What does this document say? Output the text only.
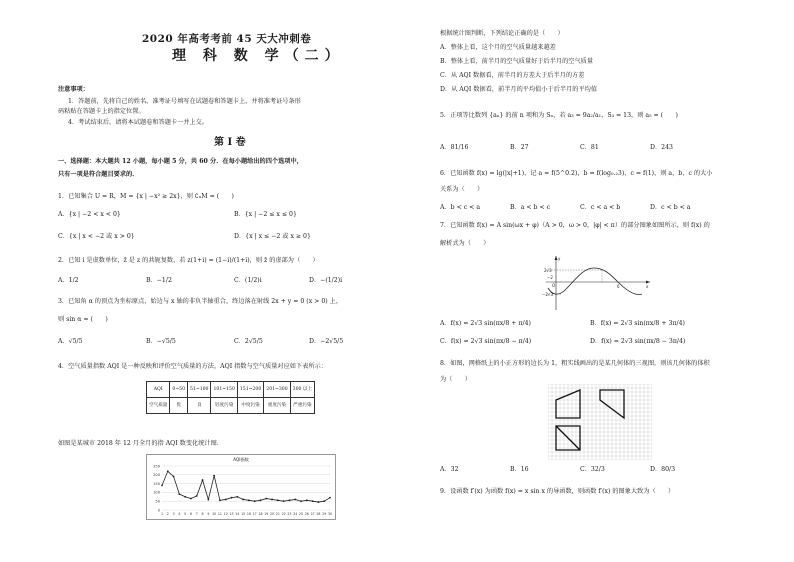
2020 年高考考前 45 天大冲刺卷
理 科 数 学（二）
注意事项：
1．答题前，先将自己的姓名、准考证号填写在试题卷和答题卡上，并将准考证号条形
码粘贴在答题卡上的指定位置。
4．考试结束后，请将本试题卷和答题卡一并上交。
第 Ⅰ 卷
一、选择题：本大题共 12 小题，每小题 5 分，共 60 分．在每小题给出的四个选项中，
只有一项是符合题目要求的．
1．已知集合 U = R，M = {x | −x² ≥ 2x}，则 ∁ᵤM = (　　)
A．{x | −2 < x < 0}	B．{x | −2 ≤ x ≤ 0}
C．{x | x < −2 或 x > 0}	D．{x | x ≤ −2 或 x ≥ 0}
2．已知 i 是虚数单位，z̄ 是 z 的共轭复数，若 z(1+i) = (1−i)/(1+i)，则 z̄ 的虚部为（　　）
A．1/2	B．−1/2	C．(1/2)i	D．−(1/2)i
3．已知角 α 的顶点为坐标原点，始边与 x 轴的非负半轴重合，终边落在射线 2x + y = 0 (x > 0) 上，
则 sin α = (　　)
A．√5/5	B．−√5/5	C．2√5/5	D．−2√5/5
4．空气质量指数 AQI 是一种反映和评价空气质量的方法，AQI 指数与空气质量对应如下表所示：
AQI	0~50	51~100	101~150	151~200	201~300	300 以上
空气质量	优	良	轻度污染	中度污染	重度污染	严重污染
如图是某城市 2018 年 12 月全月的指 AQI 数变化统计图．
AQI指数
0
50
100
150
200
250
1 2 3 4 5 6 7 8 9 10 11 12 13 14 15 16 17 18 19 20 21 22 23 24 25 26 27 28 29 30
根据统计图判断，下列结论正确的是（　　）
A．整体上看，这个月的空气质量越来越差
B．整体上看，前半月的空气质量好于后半月的空气质量
C．从 AQI 数据看，前半月的方差大于后半月的方差
D．从 AQI 数据看，前半月的平均值小于后半月的平均值
5．正项等比数列 {aₙ} 的前 n 项和为 Sₙ，若 a₃ = 9a₂/a₁，S₃ = 13，则 a₅ = (　　)
A．81/16	B．27	C．81	D．243
6．已知函数 f(x) = lg(|x|+1)，记 a = f(5^0.2)，b = f(log₀.₂3)，c = f(1)，则 a，b，c 的大小
关系为（　　）
A．b < c < a	B．a < b < c	C．c < a < b	D．c < b < a
7．已知函数 f(x) = A sin(ωx + φ)（A > 0，ω > 0，|φ| < π）的部分图象如图所示，则 f(x) 的
解析式为（　　）
2√3
−2√3
y
x
O
−2
6
A．f(x) = 2√3 sin(πx/8 + π/4)	B．f(x) = 2√3 sin(πx/8 + 3π/4)
C．f(x) = 2√3 sin(πx/8 − π/4)	D．f(x) = 2√3 sin(πx/8 − 3π/4)
8．如图，网格纸上的小正方形的边长为 1，粗实线画出的是某几何体的三视图，则该几何体的体积
为（　　）
A．32	B．16	C．32/3	D．80/3
9．设函数 f′(x) 为函数 f(x) = x sin x 的导函数，则函数 f′(x) 的图象大致为（　　）
